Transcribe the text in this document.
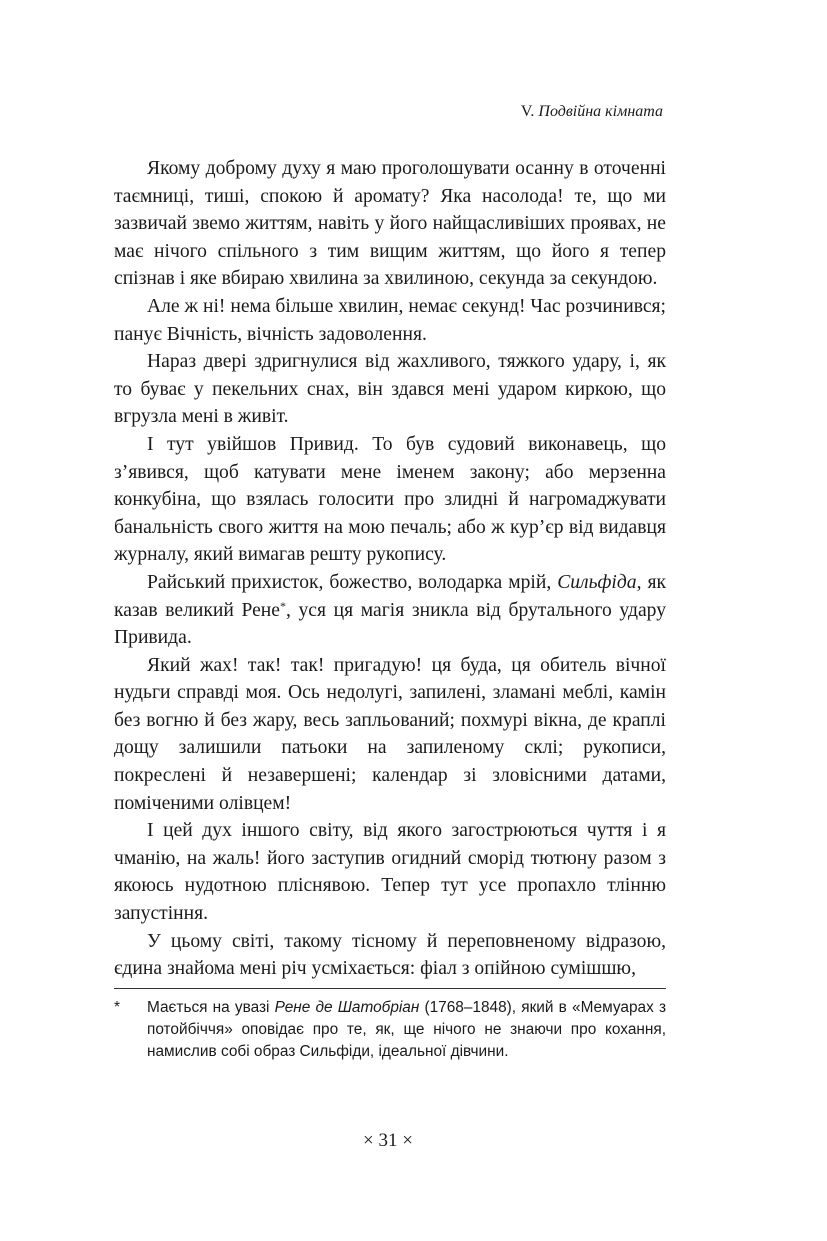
V. Подвійна кімната

Якому доброму духу я маю проголошувати осанну в оточенні таємниці, тиші, спокою й аромату? Яка насолода! те, що ми зазвичай звемо життям, навіть у його найщасливіших проявах, не має нічого спільного з тим вищим життям, що його я тепер спізнав і яке вбираю хвилина за хвилиною, секунда за секундою.

Але ж ні! нема більше хвилин, немає секунд! Час розчинився; панує Вічність, вічність задоволення.

Нараз двері здригнулися від жахливого, тяжкого удару, і, як то буває у пекельних снах, він здався мені ударом киркою, що вгрузла мені в живіт.

І тут увійшов Привид. То був судовий виконавець, що з’явився, щоб катувати мене іменем закону; або мерзенна конкубіна, що взялась голосити про злидні й нагромаджувати банальність свого життя на мою печаль; або ж кур’єр від видавця журналу, який вимагав решту рукопису.

Райський прихисток, божество, володарка мрій, Сильфіда, як казав великий Рене*, уся ця магія зникла від брутального удару Привида.

Який жах! так! так! пригадую! ця буда, ця обитель вічної нудьги справді моя. Ось недолугі, запилені, зламані меблі, камін без вогню й без жару, весь запльований; похмурі вікна, де краплі дощу залишили патьоки на запиленому склі; рукописи, покреслені й незавершені; календар зі зловісними датами, поміченими олівцем!

І цей дух іншого світу, від якого загострюються чуття і я чманію, на жаль! його заступив огидний сморід тютюну разом з якоюсь нудотною пліснявою. Тепер тут усе пропахло тлінню запустіння.

У цьому світі, такому тісному й переповненому відразою, єдина знайома мені річ усміхається: фіал з опійною сумішшю,

* Мається на увазі Рене де Шатобріан (1768–1848), який в «Мемуарах з потойбіччя» оповідає про те, як, ще нічого не знаючи про кохання, намислив собі образ Сильфіди, ідеальної дівчини.
× 31 ×
